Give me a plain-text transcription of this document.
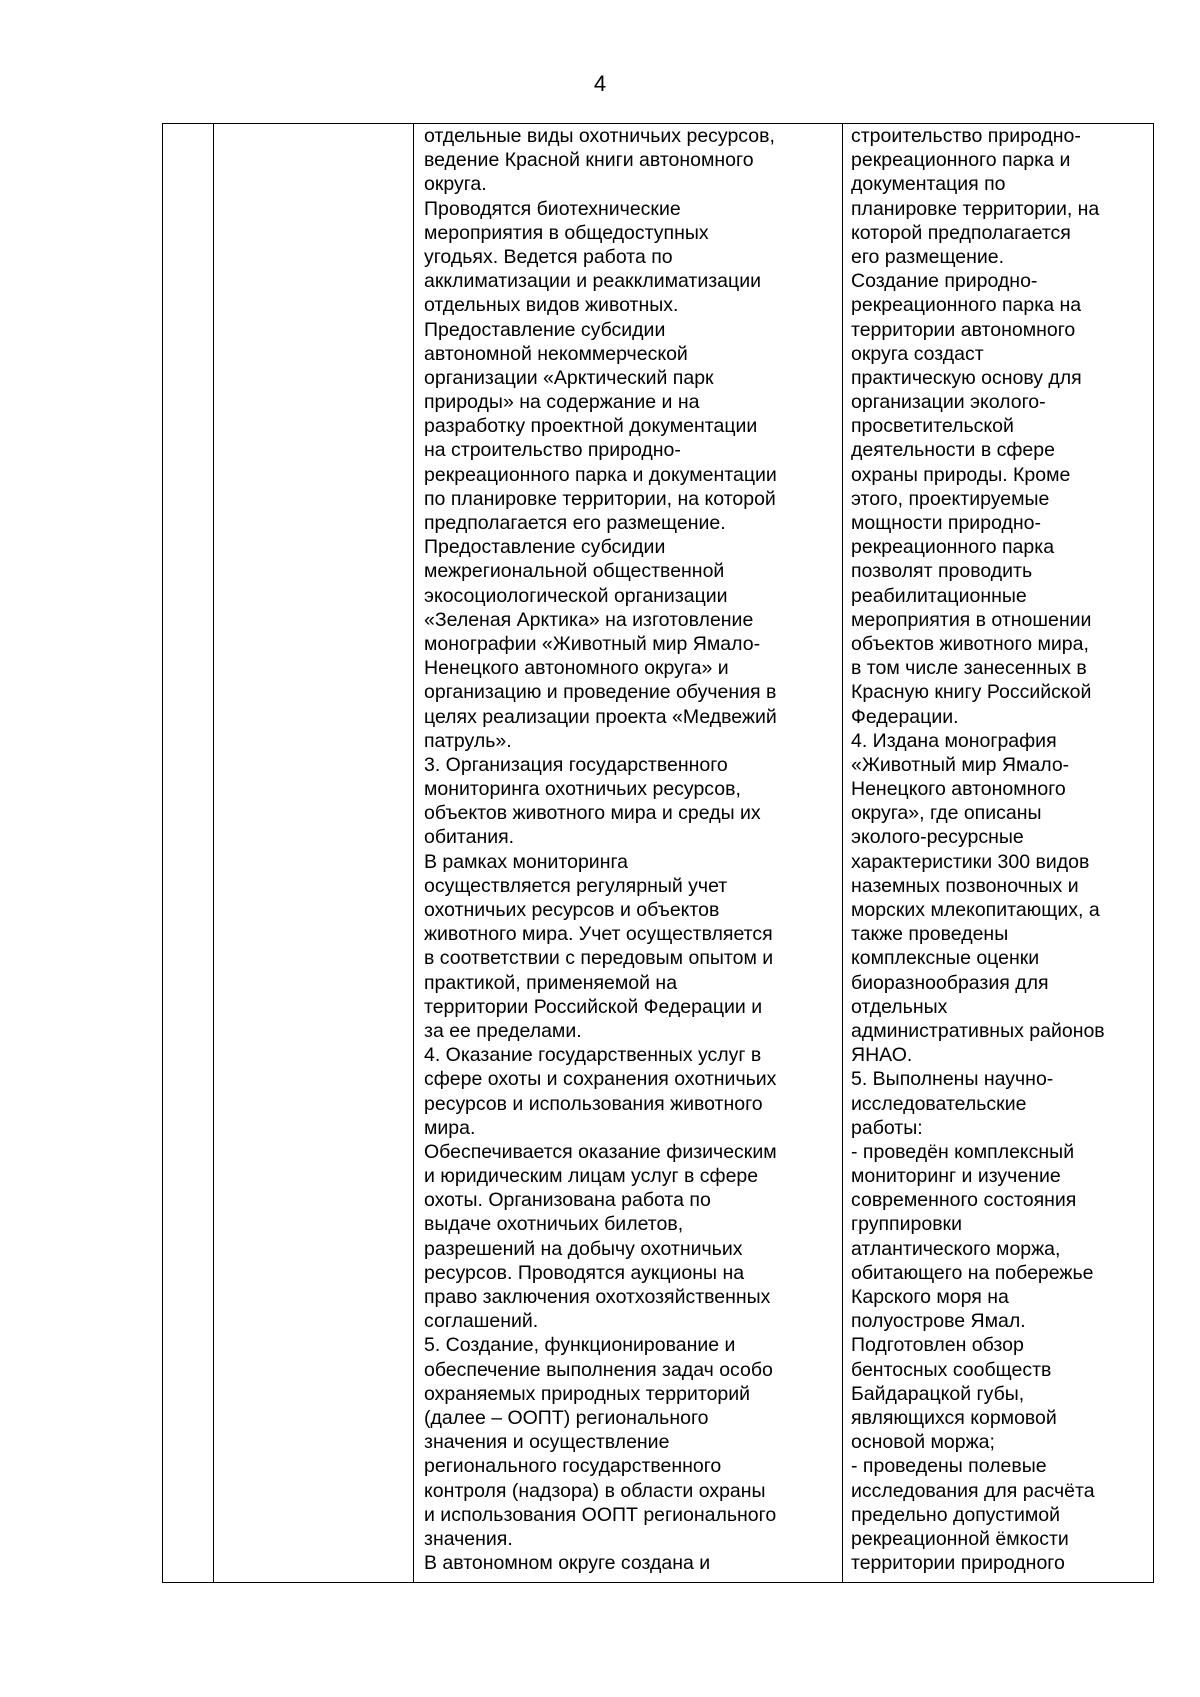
4
отдельные виды охотничьих ресурсов,
ведение Красной книги автономного
округа.
Проводятся биотехнические
мероприятия в общедоступных
угодьях. Ведется работа по
акклиматизации и реакклиматизации
отдельных видов животных.
Предоставление субсидии
автономной некоммерческой
организации «Арктический парк
природы» на содержание и на
разработку проектной документации
на строительство природно-
рекреационного парка и документации
по планировке территории, на которой
предполагается его размещение.
Предоставление субсидии
межрегиональной общественной
экосоциологической организации
«Зеленая Арктика» на изготовление
монографии «Животный мир Ямало-
Ненецкого автономного округа» и
организацию и проведение обучения в
целях реализации проекта «Медвежий
патруль».
3. Организация государственного
мониторинга охотничьих ресурсов,
объектов животного мира и среды их
обитания.
В рамках мониторинга
осуществляется регулярный учет
охотничьих ресурсов и объектов
животного мира. Учет осуществляется
в соответствии с передовым опытом и
практикой, применяемой на
территории Российской Федерации и
за ее пределами.
4. Оказание государственных услуг в
сфере охоты и сохранения охотничьих
ресурсов и использования животного
мира.
Обеспечивается оказание физическим
и юридическим лицам услуг в сфере
охоты. Организована работа по
выдаче охотничьих билетов,
разрешений на добычу охотничьих
ресурсов. Проводятся аукционы на
право заключения охотхозяйственных
соглашений.
5. Создание, функционирование и
обеспечение выполнения задач особо
охраняемых природных территорий
(далее – ООПТ) регионального
значения и осуществление
регионального государственного
контроля (надзора) в области охраны
и использования ООПТ регионального
значения.
В автономном округе создана и
строительство природно-
рекреационного парка и
документация по
планировке территории, на
которой предполагается
его размещение.
Создание природно-
рекреационного парка на
территории автономного
округа создаст
практическую основу для
организации эколого-
просветительской
деятельности в сфере
охраны природы. Кроме
этого, проектируемые
мощности природно-
рекреационного парка
позволят проводить
реабилитационные
мероприятия в отношении
объектов животного мира,
в том числе занесенных в
Красную книгу Российской
Федерации.
4. Издана монография
«Животный мир Ямало-
Ненецкого автономного
округа», где описаны
эколого-ресурсные
характеристики 300 видов
наземных позвоночных и
морских млекопитающих, а
также проведены
комплексные оценки
биоразнообразия для
отдельных
административных районов
ЯНАО.
5. Выполнены научно-
исследовательские
работы:
- проведён комплексный
мониторинг и изучение
современного состояния
группировки
атлантического моржа,
обитающего на побережье
Карского моря на
полуострове Ямал.
Подготовлен обзор
бентосных сообществ
Байдарацкой губы,
являющихся кормовой
основой моржа;
- проведены полевые
исследования для расчёта
предельно допустимой
рекреационной ёмкости
территории природного
